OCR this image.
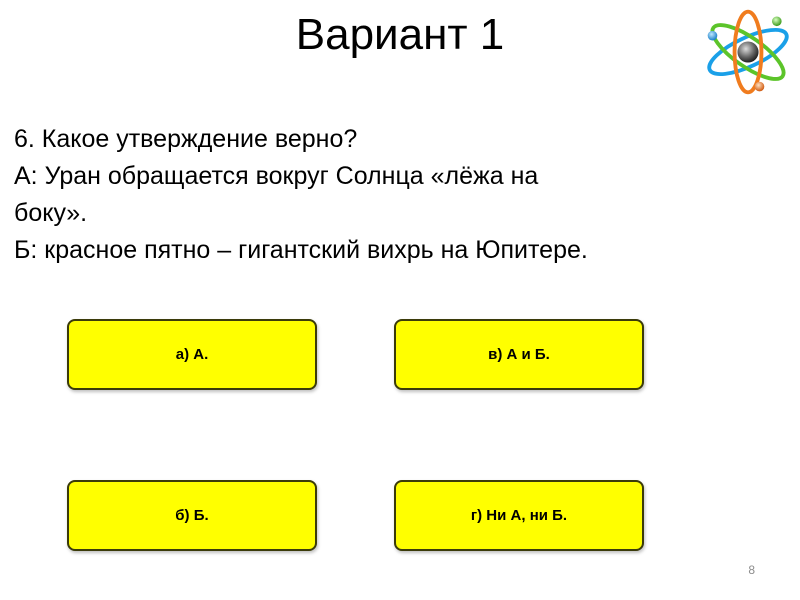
Вариант 1
6. Какое утверждение верно?
А: Уран обращается вокруг Солнца «лёжа на
боку».
Б: красное пятно – гигантский вихрь на Юпитере.
а) А.	в) А и Б.
б) Б.	г) Ни А, ни Б.
8
